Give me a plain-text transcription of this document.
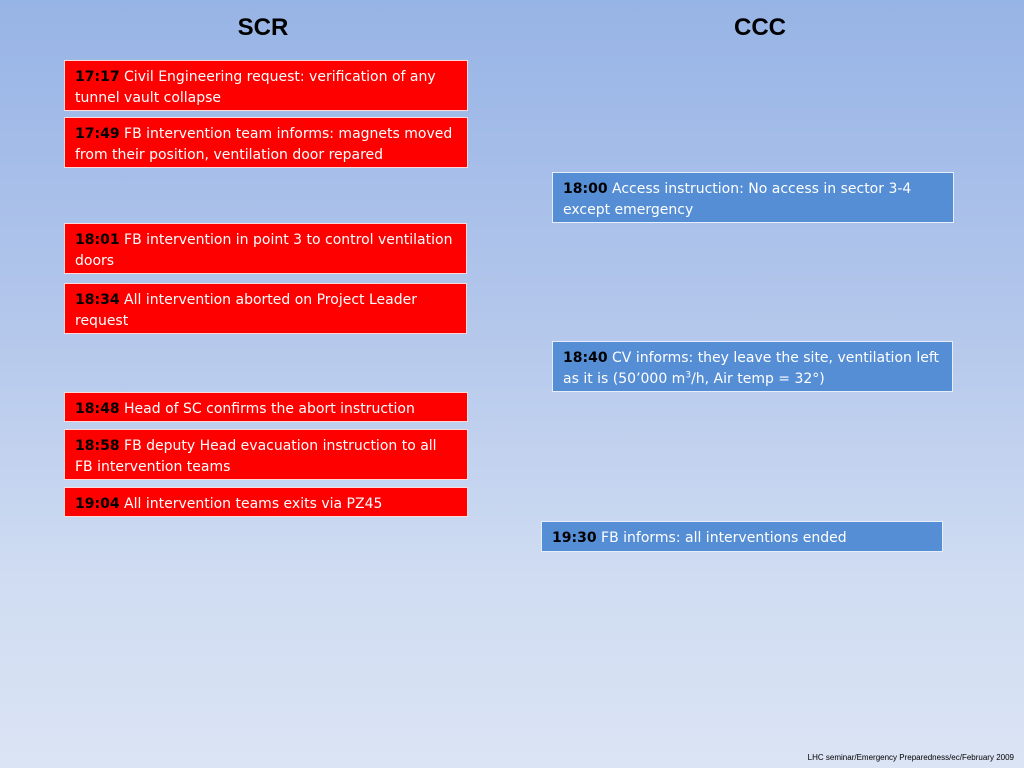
SCR	CCC
17:17 Civil Engineering request: verification of any tunnel vault collapse
17:49 FB intervention team informs: magnets moved from their position, ventilation door repared
18:01 FB intervention in point 3 to control ventilation doors
18:34 All intervention aborted on Project Leader request
18:48 Head of SC confirms the abort instruction
18:58 FB deputy Head evacuation instruction to all FB intervention teams
19:04 All intervention teams exits via PZ45
18:00 Access instruction: No access in sector 3-4 except emergency
18:40 CV informs: they leave the site, ventilation left as it is (50’000 $m^3/h$, Air temp = 32°)
19:30 FB informs: all interventions ended
LHC seminar/Emergency Preparedness/ec/February 2009
